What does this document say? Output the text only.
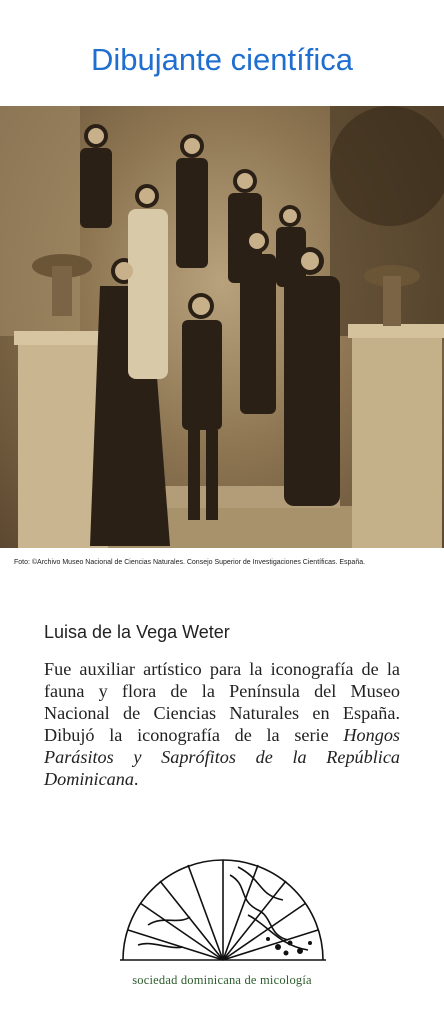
Dibujante científica
Foto: ©Archivo Museo Nacional de Ciencias Naturales. Consejo Superior de Investigaciones Científicas. España.
Luisa de la Vega Weter
Fue auxiliar artístico para la iconografía de la fauna y flora de la Península del Museo Nacional de Ciencias Naturales en España. Dibujó la iconografía de la serie Hongos Parásitos y Saprófitos de la República Dominicana.
sociedad dominicana de micología
